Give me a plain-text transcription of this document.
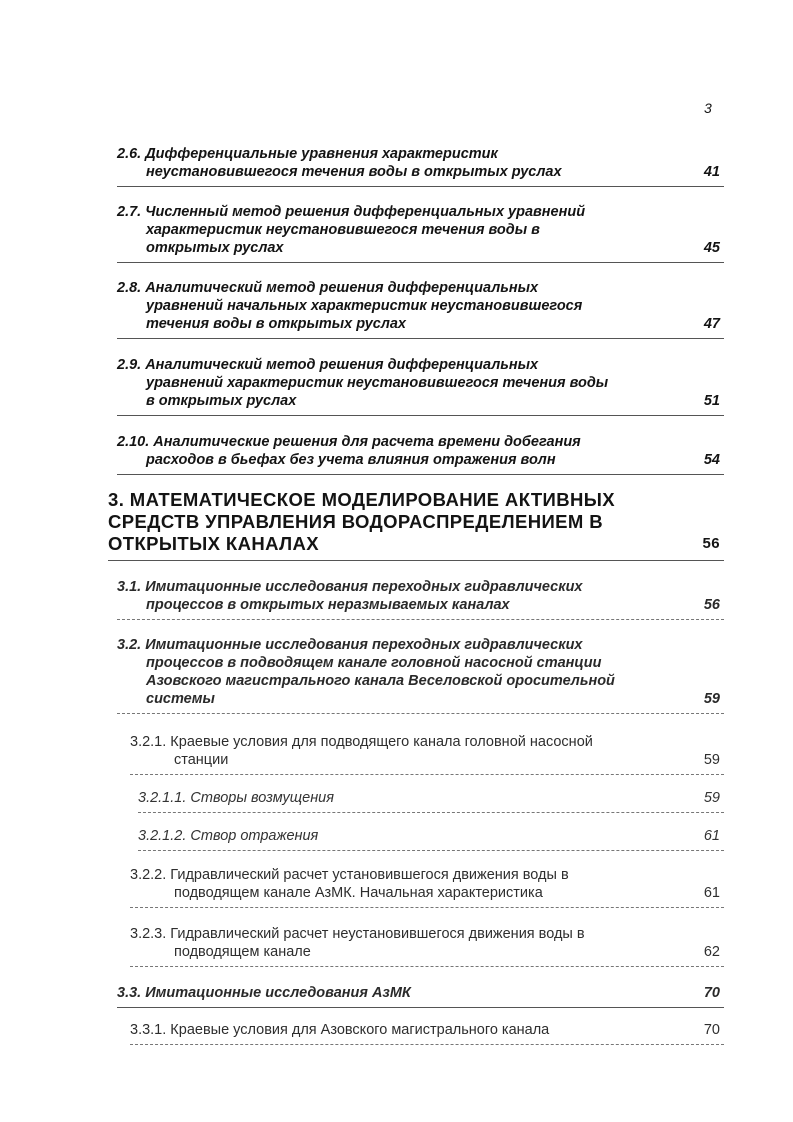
3
2.6. Дифференциальные уравнения характеристик
неустановившегося течения воды в открытых руслах	41
2.7. Численный метод решения дифференциальных уравнений
характеристик неустановившегося течения воды в
открытых руслах	45
2.8. Аналитический метод решения дифференциальных
уравнений начальных характеристик неустановившегося
течения воды в открытых руслах	47
2.9. Аналитический метод решения дифференциальных
уравнений характеристик неустановившегося течения воды
в открытых руслах	51
2.10. Аналитические решения для расчета времени добегания
расходов в бьефах без учета влияния отражения волн	54
3. МАТЕМАТИЧЕСКОЕ МОДЕЛИРОВАНИЕ АКТИВНЫХ
СРЕДСТВ УПРАВЛЕНИЯ ВОДОРАСПРЕДЕЛЕНИЕМ В
ОТКРЫТЫХ КАНАЛАХ	56
3.1. Имитационные исследования переходных гидравлических
процессов в открытых неразмываемых каналах	56
3.2. Имитационные исследования переходных гидравлических
процессов в подводящем канале головной насосной станции
Азовского магистрального канала Веселовской оросительной
системы	59
3.2.1. Краевые условия для подводящего канала головной насосной
станции	59
3.2.1.1. Створы возмущения	59
3.2.1.2. Створ отражения	61
3.2.2. Гидравлический расчет установившегося движения воды в
подводящем канале АзМК. Начальная характеристика	61
3.2.3. Гидравлический расчет неустановившегося движения воды в
подводящем канале	62
3.3. Имитационные исследования АзМК	70
3.3.1. Краевые условия для Азовского магистрального канала	70
